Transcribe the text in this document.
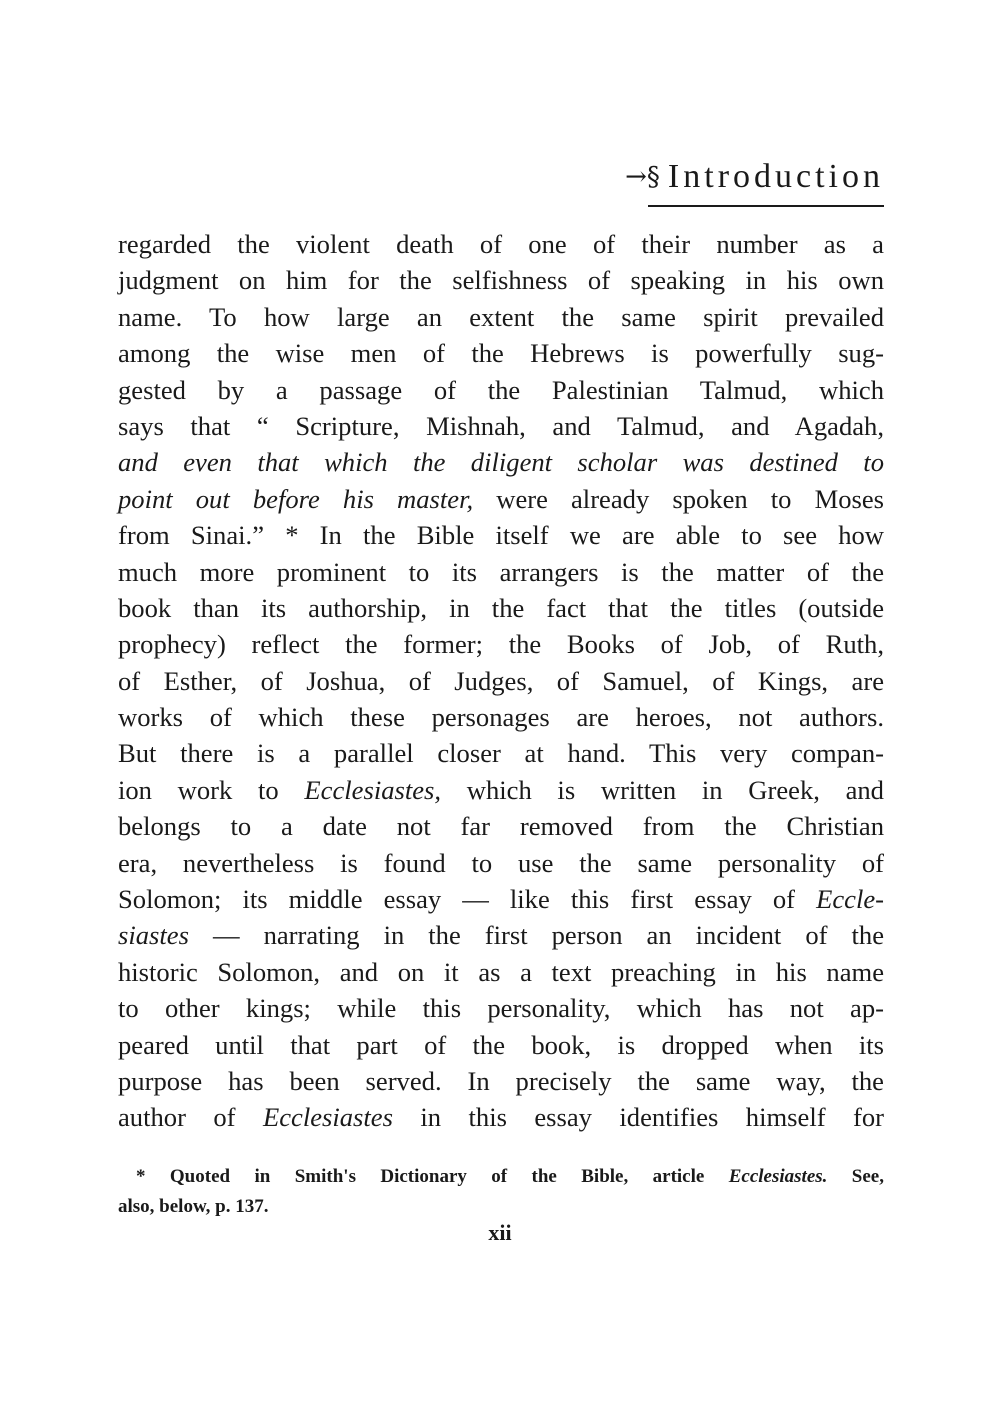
→§ Introduction
regarded the violent death of one of their number as a
judgment on him for the selfishness of speaking in his own
name. To how large an extent the same spirit prevailed
among the wise men of the Hebrews is powerfully sug-
gested by a passage of the Palestinian Talmud, which
says that “ Scripture, Mishnah, and Talmud, and Agadah,
and even that which the diligent scholar was destined to
point out before his master, were already spoken to Moses
from Sinai.” * In the Bible itself we are able to see how
much more prominent to its arrangers is the matter of the
book than its authorship, in the fact that the titles (outside
prophecy) reflect the former; the Books of Job, of Ruth,
of Esther, of Joshua, of Judges, of Samuel, of Kings, are
works of which these personages are heroes, not authors.
But there is a parallel closer at hand. This very compan-
ion work to Ecclesiastes, which is written in Greek, and
belongs to a date not far removed from the Christian
era, nevertheless is found to use the same personality of
Solomon; its middle essay — like this first essay of Eccle-
siastes — narrating in the first person an incident of the
historic Solomon, and on it as a text preaching in his name
to other kings; while this personality, which has not ap-
peared until that part of the book, is dropped when its
purpose has been served. In precisely the same way, the
author of Ecclesiastes in this essay identifies himself for
* Quoted in Smith's Dictionary of the Bible, article Ecclesiastes. See,
also, below, p. 137.
xii
